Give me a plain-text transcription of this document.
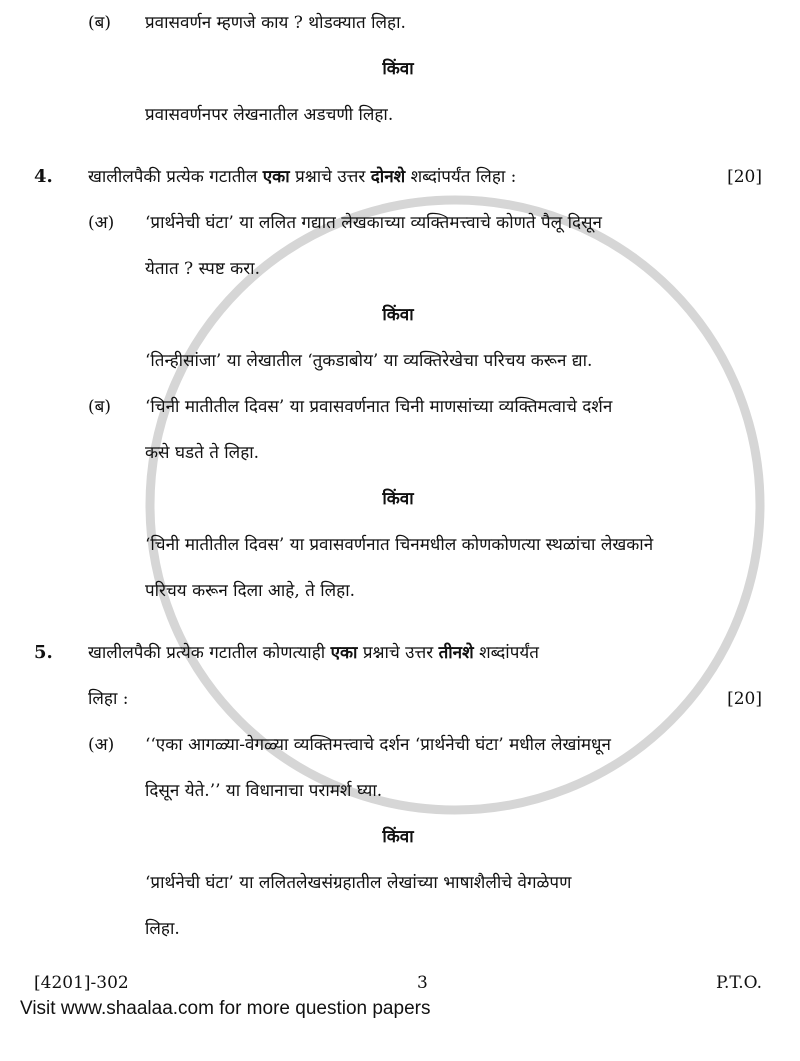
(ब)	प्रवासवर्णन म्हणजे काय ? थोडक्यात लिहा.
किंवा
प्रवासवर्णनपर लेखनातील अडचणी लिहा.
4.	खालीलपैकी प्रत्येक गटातील एका प्रश्नाचे उत्तर दोनशे शब्दांपर्यंत लिहा :	[20]
(अ)	‘प्रार्थनेची घंटा’ या ललित गद्यात लेखकाच्या व्यक्तिमत्त्वाचे कोणते पैलू दिसून
येतात ? स्पष्ट करा.
किंवा
‘तिन्हीसांजा’ या लेखातील ‘तुकडाबोय’ या व्यक्तिरेखेचा परिचय करून द्या.
(ब)	‘चिनी मातीतील दिवस’ या प्रवासवर्णनात चिनी माणसांच्या व्यक्तिमत्वाचे दर्शन
कसे घडते ते लिहा.
किंवा
‘चिनी मातीतील दिवस’ या प्रवासवर्णनात चिनमधील कोणकोणत्या स्थळांचा लेखकाने
परिचय करून दिला आहे, ते लिहा.
5.	खालीलपैकी प्रत्येक गटातील कोणत्याही एका प्रश्नाचे उत्तर तीनशे शब्दांपर्यंत
लिहा :	[20]
(अ)	‘‘एका आगळ्या-वेगळ्या व्यक्तिमत्त्वाचे दर्शन ‘प्रार्थनेची घंटा’ मधील लेखांमधून
दिसून येते.’’ या विधानाचा परामर्श घ्या.
किंवा
‘प्रार्थनेची घंटा’ या ललितलेखसंग्रहातील लेखांच्या भाषाशैलीचे वेगळेपण
लिहा.
[4201]-302	3	P.T.O.
Visit www.shaalaa.com for more question papers
